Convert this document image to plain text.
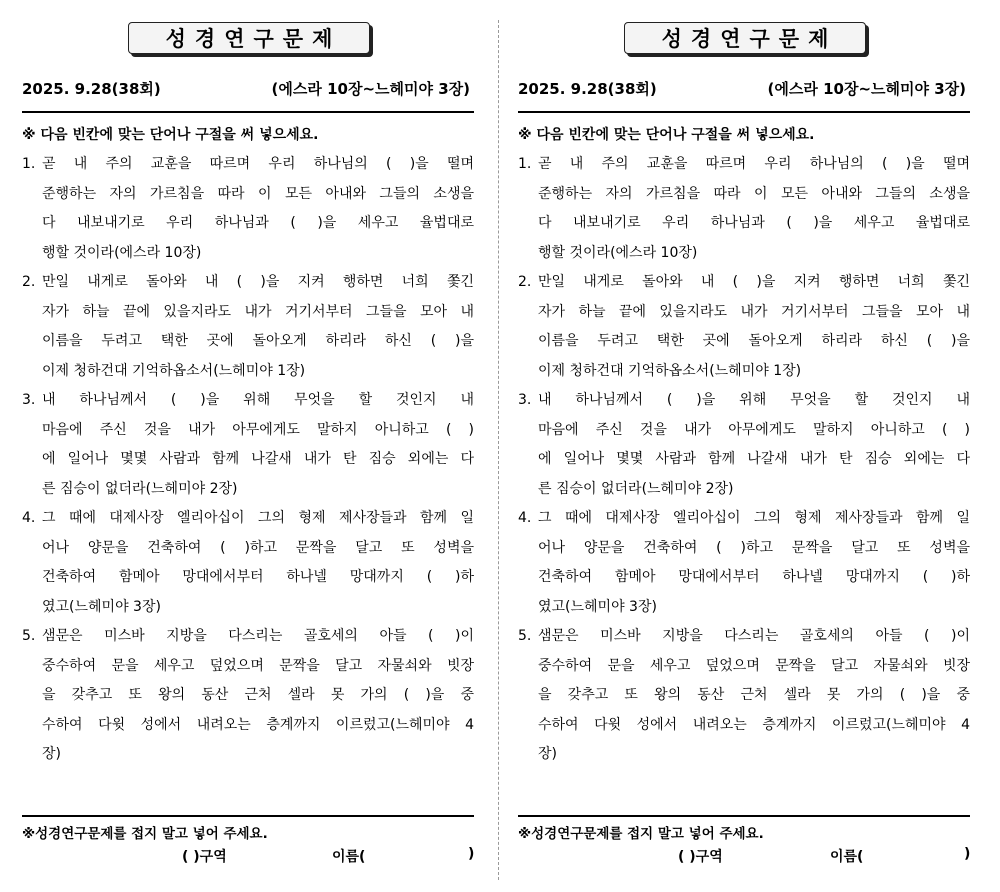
성경연구문제
2025. 9.28(38회)	(에스라 10장~느헤미야 3장)
※ 다음 빈칸에 맞는 단어나 구절을 써 넣으세요.
1. 곧 내 주의 교훈을 따르며 우리 하나님의 ( )을 떨며
준행하는 자의 가르침을 따라 이 모든 아내와 그들의 소생을
다 내보내기로 우리 하나님과 ( )을 세우고 율법대로
행할 것이라(에스라 10장)
2. 만일 내게로 돌아와 내 ( )을 지켜 행하면 너희 쫓긴
자가 하늘 끝에 있을지라도 내가 거기서부터 그들을 모아 내
이름을 두려고 택한 곳에 돌아오게 하리라 하신 ( )을
이제 청하건대 기억하옵소서(느헤미야 1장)
3. 내 하나님께서 ( )을 위해 무엇을 할 것인지 내
마음에 주신 것을 내가 아무에게도 말하지 아니하고 ( )
에 일어나 몇몇 사람과 함께 나갈새 내가 탄 짐승 외에는 다
른 짐승이 없더라(느헤미야 2장)
4. 그 때에 대제사장 엘리아십이 그의 형제 제사장들과 함께 일
어나 양문을 건축하여 ( )하고 문짝을 달고 또 성벽을
건축하여 함메아 망대에서부터 하나넬 망대까지 ( )하
였고(느헤미야 3장)
5. 샘문은 미스바 지방을 다스리는 골호세의 아들 ( )이
중수하여 문을 세우고 덮었으며 문짝을 달고 자물쇠와 빗장
을 갖추고 또 왕의 동산 근처 셀라 못 가의 ( )을 중
수하여 다윗 성에서 내려오는 층계까지 이르렀고(느헤미야 4
장)
※성경연구문제를 접지 말고 넣어 주세요.
( )구역	이름(	)
성경연구문제
2025. 9.28(38회)	(에스라 10장~느헤미야 3장)
※ 다음 빈칸에 맞는 단어나 구절을 써 넣으세요.
1. 곧 내 주의 교훈을 따르며 우리 하나님의 ( )을 떨며
준행하는 자의 가르침을 따라 이 모든 아내와 그들의 소생을
다 내보내기로 우리 하나님과 ( )을 세우고 율법대로
행할 것이라(에스라 10장)
2. 만일 내게로 돌아와 내 ( )을 지켜 행하면 너희 쫓긴
자가 하늘 끝에 있을지라도 내가 거기서부터 그들을 모아 내
이름을 두려고 택한 곳에 돌아오게 하리라 하신 ( )을
이제 청하건대 기억하옵소서(느헤미야 1장)
3. 내 하나님께서 ( )을 위해 무엇을 할 것인지 내
마음에 주신 것을 내가 아무에게도 말하지 아니하고 ( )
에 일어나 몇몇 사람과 함께 나갈새 내가 탄 짐승 외에는 다
른 짐승이 없더라(느헤미야 2장)
4. 그 때에 대제사장 엘리아십이 그의 형제 제사장들과 함께 일
어나 양문을 건축하여 ( )하고 문짝을 달고 또 성벽을
건축하여 함메아 망대에서부터 하나넬 망대까지 ( )하
였고(느헤미야 3장)
5. 샘문은 미스바 지방을 다스리는 골호세의 아들 ( )이
중수하여 문을 세우고 덮었으며 문짝을 달고 자물쇠와 빗장
을 갖추고 또 왕의 동산 근처 셀라 못 가의 ( )을 중
수하여 다윗 성에서 내려오는 층계까지 이르렀고(느헤미야 4
장)
※성경연구문제를 접지 말고 넣어 주세요.
( )구역	이름(	)
